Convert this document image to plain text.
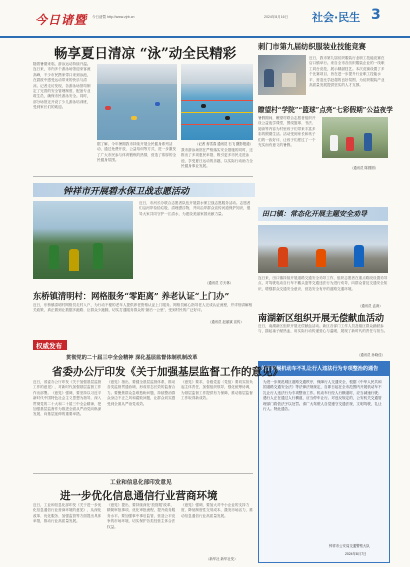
今日诸暨 今日诸暨 http://www.zjrb.cn	2024年8月16日 社会·民生 3
畅享夏日清凉 “泳”动全民精彩
随着暑期来临，游泳运动持续升温。连日来，市内多个游泳场馆迎来客流高峰，不少市民携家带口来到泳池，在碧波中感受运动带来的快乐与清凉。记者走访发现，各游泳场馆均制定了完善的安全管理制度，配备专业救生员，确保市民游泳安全。同时，部分场馆还开设了少儿游泳培训班，受到家长们的欢迎。
据了解，今年暑期我市持续开展全民健身系列活动，通过免费开放、公益培训等方式，进一步激发了广大市民参与体育锻炼的热情，营造了浓厚的全民健身氛围。
（记者 寿雪春 通讯员 石飞 摄影报道）
我市游泳场馆在严格落实安全措施的同时，还推出了多项惠民举措，吸引更多市民走进泳池，享受夏日运动的乐趣，以实际行动助力全民健身事业发展。
刺门市第九届纺织服装业技能竞赛
近日，我市第九届纺织服装行业职工技能竞赛在店口镇举行。来自全市各纺织服装企业的一线职工同台竞技，展示精湛技艺。本次竞赛设置了多个比赛项目，旨在进一步提升行业职工技能水平，营造比学赶超的良好氛围，为纺织服装产业高质量发展提供坚实的人才支撑。
瞭望村“学院”“篮球”点亮“七彩假期”公益夜学
暑假期间，瞭望村联合志愿者组织开设公益夜学课堂，围绕篮球、书法、阅读等内容为村里孩子们带来丰富多彩的假期生活。活动受到家长和孩子们的一致好评，让孩子们度过了一个充实而有意义的暑假。
（通讯员 陈圆圆）
钟祥市开展碧水保卫战志愿活动
近日，市河长办联合志愿者队伍开展碧水保卫战志愿服务活动。志愿者们沿河岸捡拾垃圾、清理漂浮物，并向沿岸群众宣传河道保护知识，倡导大家共同守护一江清水，为建设美丽家园贡献力量。
（通讯员 方天林）
东桥镇清明村：网格服务“零距离” 养老认证“上门办”
近日，东桥镇清明村网格员走村入户，为行动不便的老年人提供养老资格认证上门服务。网格员耐心指导老人完成认证流程，并详细讲解相关政策，真正做到让数据多跑路、让群众少跑腿，切实打通服务群众的“最后一公里”，受到村民的广泛好评。
（通讯员 赵丽斌 宣传）
田口镇：常态化开展主题安全劝导
连日来，田口镇持续开展道路交通安全劝导工作，组织志愿者在重点路段设置劝导点，对驾驶电动自行车不戴头盔等交通违法行为进行劝导，向群众普及交通安全知识，增强群众交通安全意识，营造安全有序的道路交通环境。
（通讯员 孟涛）
南湖新区组织开展无偿献血活动
近日，南湖新区组织开展无偿献血活动。新区各部门工作人员及辖区群众踊跃参与，撸起袖子献热血，用实际行动传递爱心与温暖，展现了新时代的责任与担当。
（通讯员 孙晓佳）
关于开展机动车不礼让行人违法行为专项整治的通告
为进一步规范城区道路交通秩序，保障行人交通安全，根据《中华人民共和国道路交通安全法》等法律法规规定，自即日起在全市范围内开展机动车不礼让行人违法行为专项整治工作。机动车行经人行横道时，应当减速行驶；遇行人正在通过人行横道，应当停车让行。对违反规定的，公安机关交通管理部门将依法予以处罚。请广大驾驶人自觉遵守交通法规，文明驾驶，礼让行人。特此通告。
钟祥市公安局交通警察大队
2024年8月7日
权威发布
贯彻党的二十届三中全会精神 深化基层监督体制机制改革
省委办公厅印发《关于加强基层监督工作的意见》
近日，省委办公厅印发《关于加强基层监督工作的意见》，对新时代加强基层监督工作作出部署。《意见》强调，要坚持以习近平新时代中国特色社会主义思想为指导，深入贯彻党的二十大和二十届三中全会精神，把加强基层监督作为推进全面从严治党向纵深发展、向基层延伸的重要举措。
《意见》指出，要健全基层监督体系，推动各类监督贯通协调，形成常态长效的监督合力。要聚焦群众急难愁盼问题，持续整治群众身边不正之风和腐败问题，让群众切实感受到全面从严治党成效。
《意见》要求，各级党委（党组）要切实担负起主体责任，加强组织领导，强化统筹协调，为基层监督工作提供有力保障，推动基层监督工作取得新成效。
工业和信息化部印发意见
进一步优化信息通信行业营商环境
近日，工业和信息化部印发《关于进一步优化信息通信行业营商环境的意见》，从深化改革、优化服务、加强监管等方面提出具体举措，推动行业高质量发展。
《意见》提出，要持续深化“放管服”改革，精简审批事项，优化审批流程，提升政务服务水平。要加强事中事后监管，营造公平竞争的市场环境，切实保护各类经营主体合法权益。
《意见》强调，要加大对中小企业的支持力度，降低制度性交易成本，激发市场活力，推动信息通信行业高质量发展。
（新华社 新华社发）
